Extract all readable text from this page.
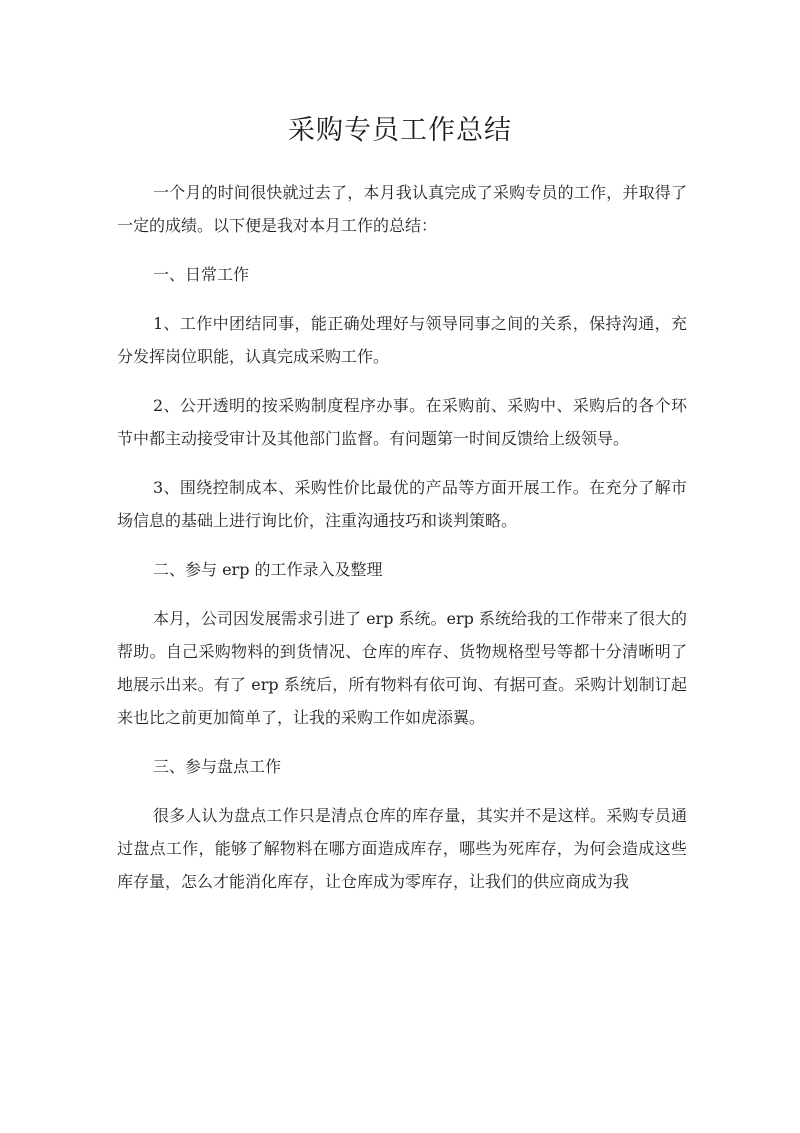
采购专员工作总结

一个月的时间很快就过去了，本月我认真完成了采购专员的工作，并取得了一定的成绩。以下便是我对本月工作的总结：

一、日常工作

1、工作中团结同事，能正确处理好与领导同事之间的关系，保持沟通，充分发挥岗位职能，认真完成采购工作。

2、公开透明的按采购制度程序办事。在采购前、采购中、采购后的各个环节中都主动接受审计及其他部门监督。有问题第一时间反馈给上级领导。

3、围绕控制成本、采购性价比最优的产品等方面开展工作。在充分了解市场信息的基础上进行询比价，注重沟通技巧和谈判策略。

二、参与 erp 的工作录入及整理

本月，公司因发展需求引进了 erp 系统。erp 系统给我的工作带来了很大的帮助。自己采购物料的到货情况、仓库的库存、货物规格型号等都十分清晰明了地展示出来。有了 erp 系统后，所有物料有依可询、有据可查。采购计划制订起来也比之前更加简单了，让我的采购工作如虎添翼。

三、参与盘点工作

很多人认为盘点工作只是清点仓库的库存量，其实并不是这样。采购专员通过盘点工作，能够了解物料在哪方面造成库存，哪些为死库存，为何会造成这些库存量，怎么才能消化库存，让仓库成为零库存，让我们的供应商成为我
